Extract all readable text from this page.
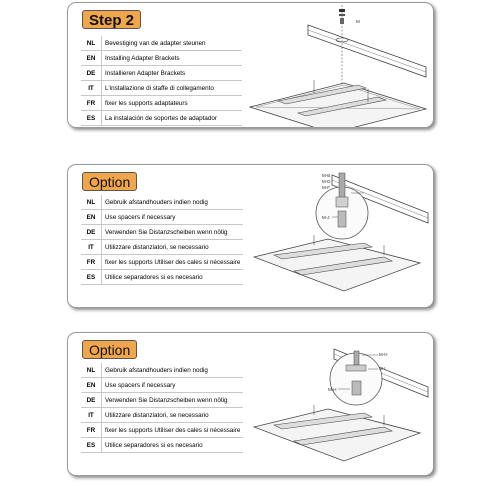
Step 2
NL	Bevestiging van de adapter steunen
EN	Installing Adapter Brackets
DE	Installieren Adapter Brackets
IT	L'installazione di staffe di collegamento
FR	fixer les supports adaptateurs
ES	La instalación de soportes de adaptador
M
Option
NL	Gebruik afstandhouders indien nodig
EN	Use spacers if necessary
DE	Verwenden Sie Distanzscheiben wenn nötig
IT	Utilizzare distanziatori, se necessario
FR	fixer les supports Utiliser des cales si nécessaire
ES	Utilice separadores si es necesario
M-B
M-D
M-F
M-J
Option
NL	Gebruik afstandhouders indien nodig
EN	Use spacers if necessary
DE	Verwenden Sie Distanzscheiben wenn nötig
IT	Utilizzare distanziatori, se necessario
FR	fixer les supports Utiliser des cales si nécessaire
ES	Utilice separadores si es necesario
M-H
M-I
M-H
